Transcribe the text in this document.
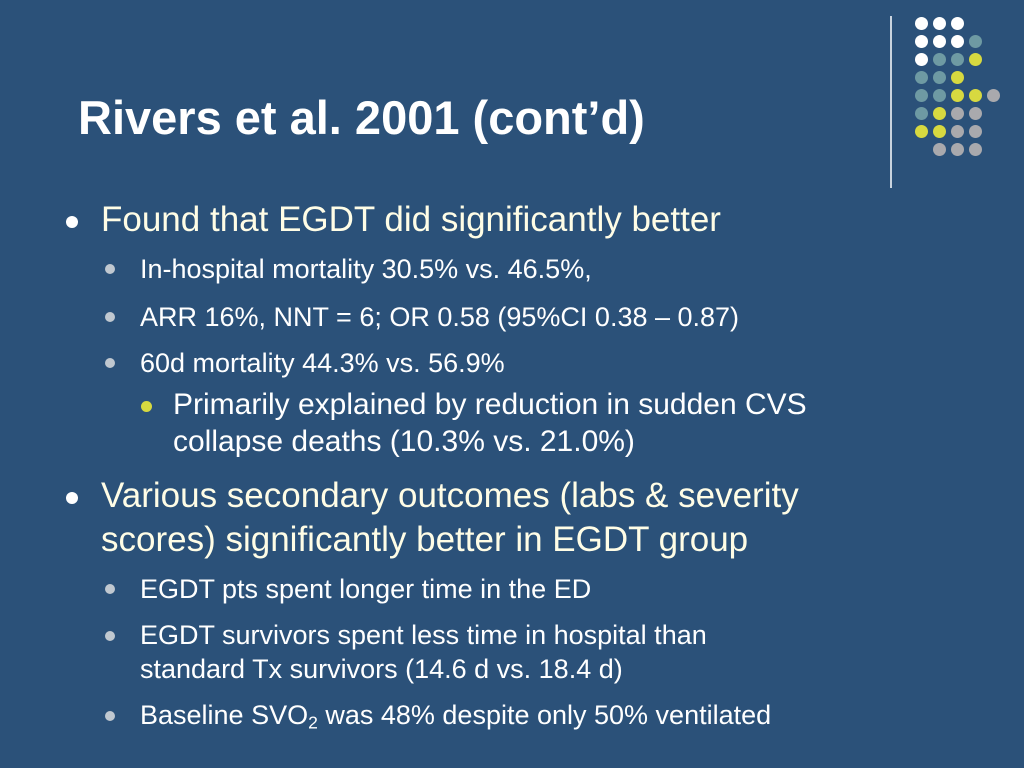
Rivers et al. 2001 (cont’d)
Found that EGDT did significantly better
In-hospital mortality 30.5% vs. 46.5%,
ARR 16%, NNT = 6; OR 0.58 (95%CI 0.38 – 0.87)
60d mortality 44.3% vs. 56.9%
Primarily explained by reduction in sudden CVS
collapse deaths (10.3% vs. 21.0%)
Various secondary outcomes (labs & severity
scores) significantly better in EGDT group
EGDT pts spent longer time in the ED
EGDT survivors spent less time in hospital than
standard Tx survivors (14.6 d vs. 18.4 d)
Baseline $SVO_2$ was 48% despite only 50% ventilated
